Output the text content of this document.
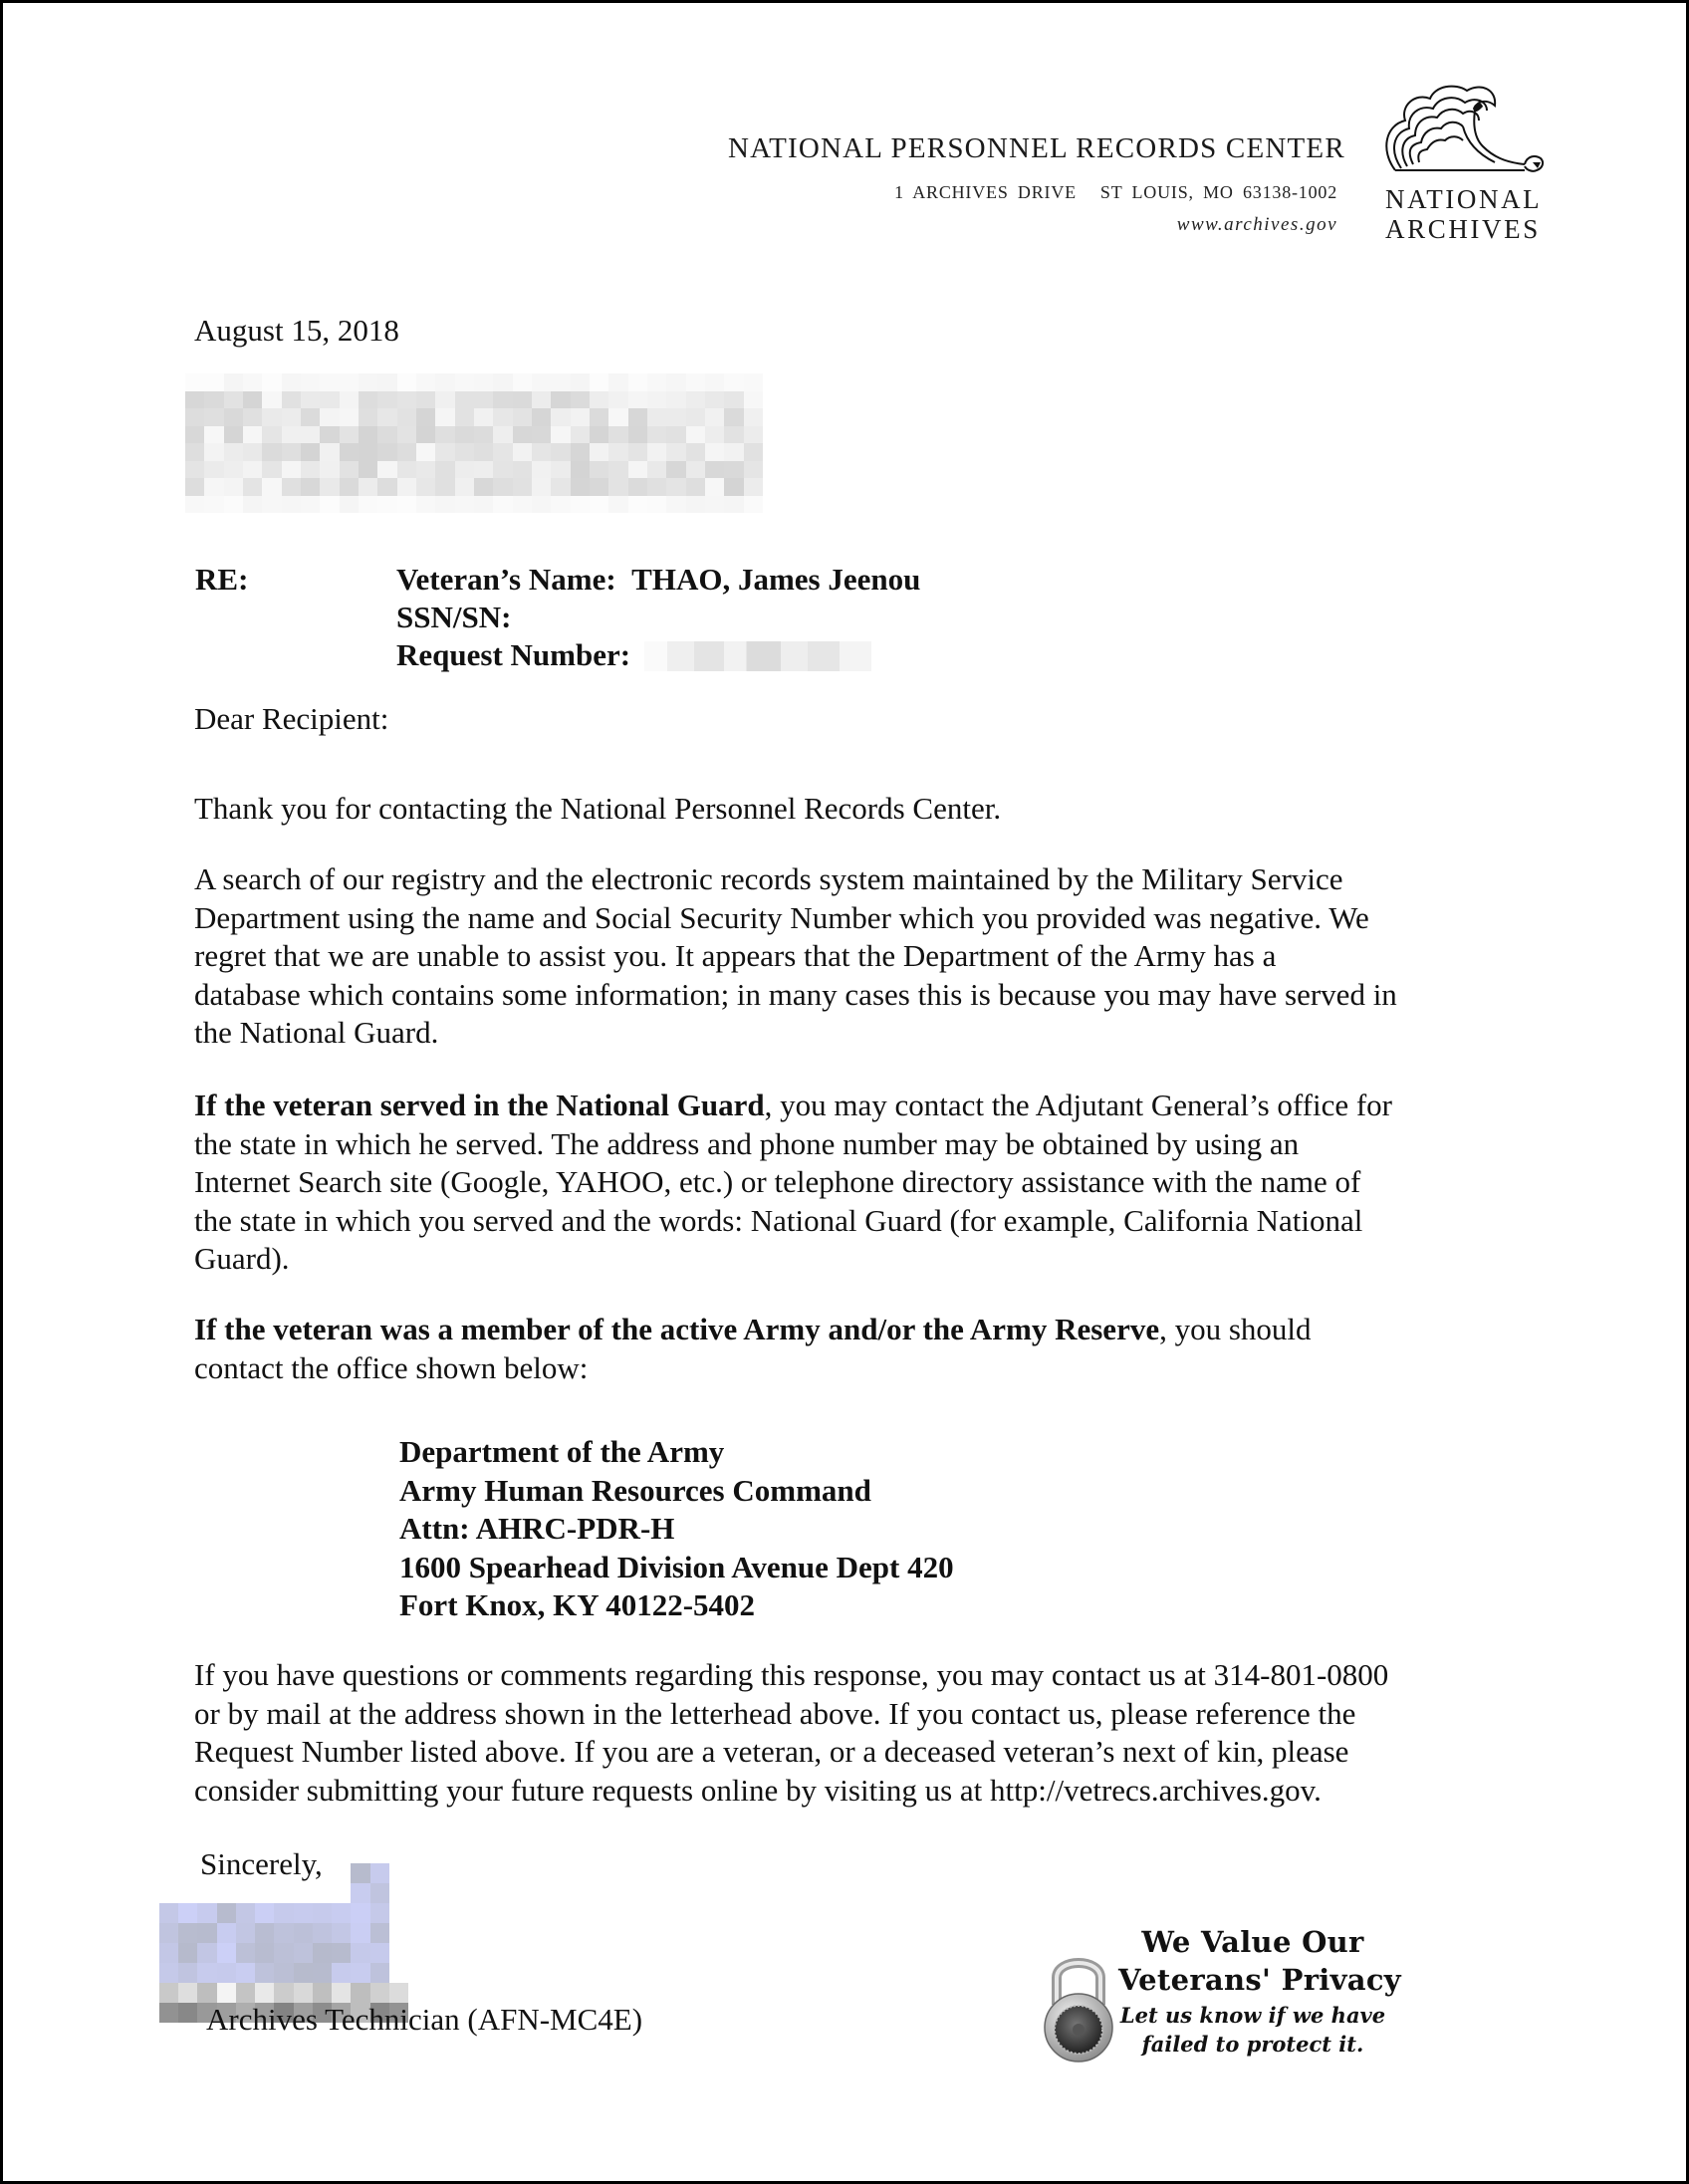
NATIONAL PERSONNEL RECORDS CENTER
1 ARCHIVES DRIVE ST LOUIS, MO 63138-1002
www.archives.gov
NATIONAL
ARCHIVES
August 15, 2018
RE:	Veteran’s Name: THAO, James Jeenou
SSN/SN:
Request Number:
Dear Recipient:
Thank you for contacting the National Personnel Records Center.
A search of our registry and the electronic records system maintained by the Military Service
Department using the name and Social Security Number which you provided was negative. We
regret that we are unable to assist you. It appears that the Department of the Army has a
database which contains some information; in many cases this is because you may have served in
the National Guard.
If the veteran served in the National Guard, you may contact the Adjutant General’s office for
the state in which he served. The address and phone number may be obtained by using an
Internet Search site (Google, YAHOO, etc.) or telephone directory assistance with the name of
the state in which you served and the words: National Guard (for example, California National
Guard).
If the veteran was a member of the active Army and/or the Army Reserve, you should
contact the office shown below:
Department of the Army
Army Human Resources Command
Attn: AHRC-PDR-H
1600 Spearhead Division Avenue Dept 420
Fort Knox, KY 40122-5402
If you have questions or comments regarding this response, you may contact us at 314-801-0800
or by mail at the address shown in the letterhead above. If you contact us, please reference the
Request Number listed above. If you are a veteran, or a deceased veteran’s next of kin, please
consider submitting your future requests online by visiting us at http://vetrecs.archives.gov.
Sincerely,
Archives Technician (AFN-MC4E)
We Value Our
Veterans' Privacy
Let us know if we have
failed to protect it.
